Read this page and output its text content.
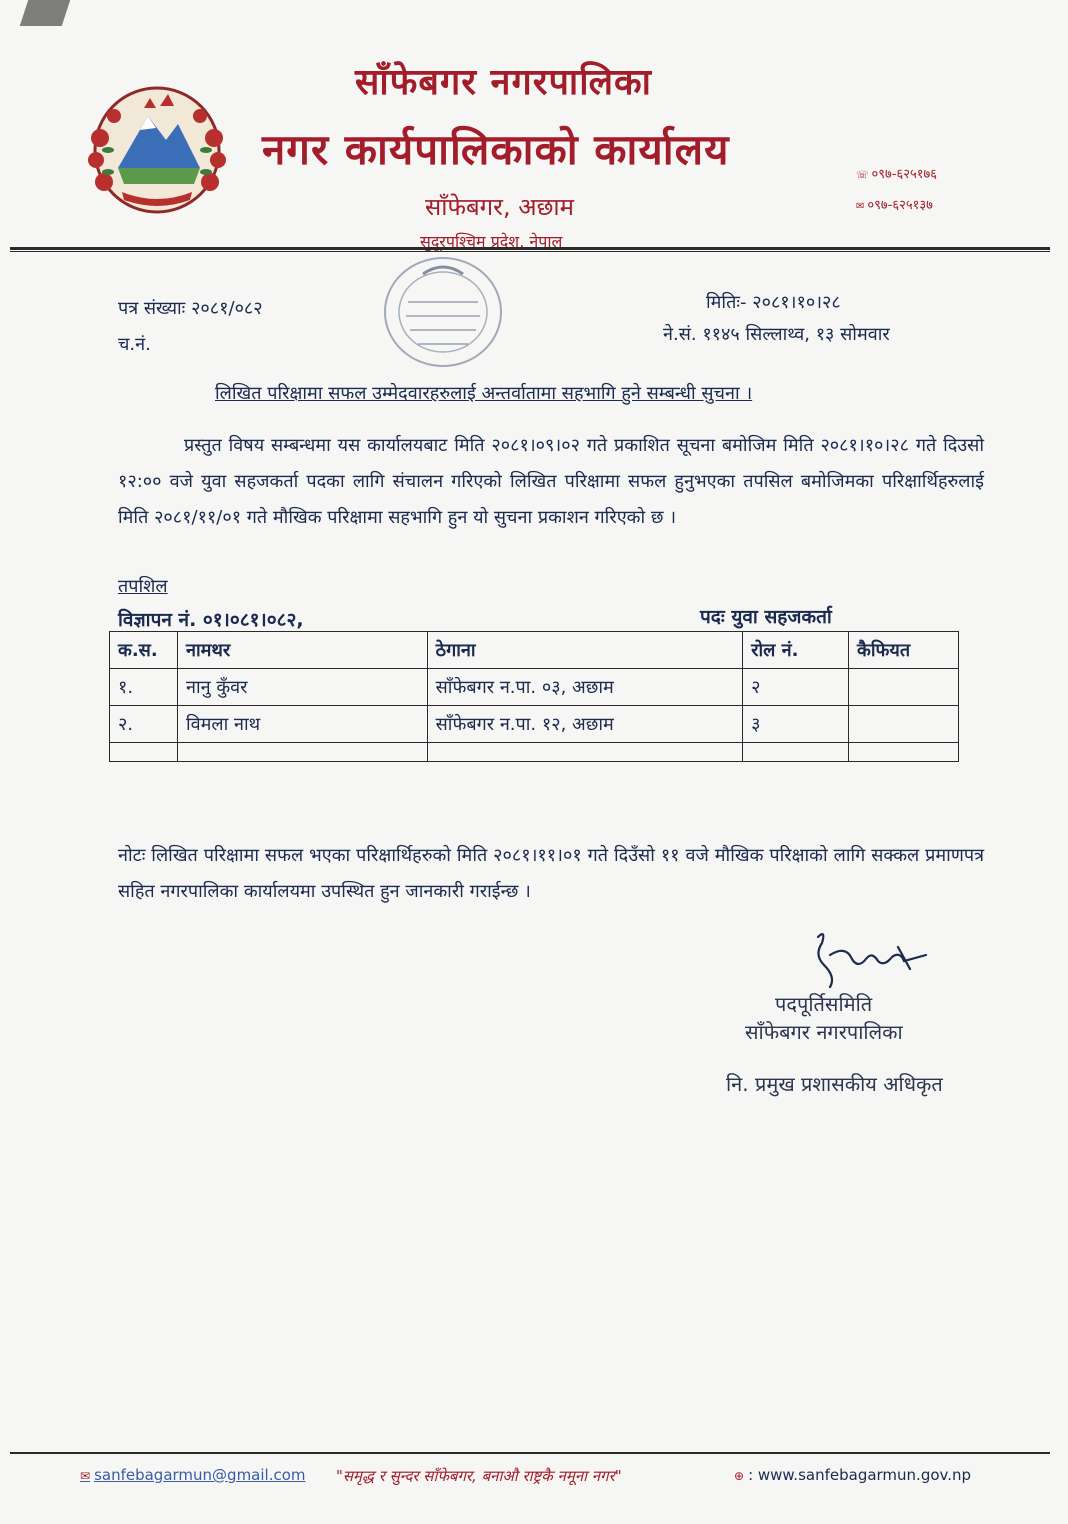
साँफेबगर नगरपालिका
नगर कार्यपालिकाको कार्यालय
साँफेबगर, अछाम
सुदूरपश्चिम प्रदेश, नेपाल
☏ ०९७-६२५१७६
✉ ०९७-६२५१३७
पत्र संख्याः २०८१/०८२
च.नं.
मितिः- २०८१।१०।२८
ने.सं. ११४५ सिल्लाथ्व, १३ सोमवार
लिखित परिक्षामा सफल उम्मेदवारहरुलाई अन्तर्वातामा सहभागि हुने सम्बन्धी सुचना ।

प्रस्तुत विषय सम्बन्धमा यस कार्यालयबाट मिति २०८१।०९।०२ गते प्रकाशित सूचना बमोजिम मिति २०८१।१०।२८ गते दिउसो १२:०० वजे युवा सहजकर्ता पदका लागि संचालन गरिएको लिखित परिक्षामा सफल हुनुभएका तपसिल बमोजिमका परिक्षार्थिहरुलाई मिति २०८१/११/०१ गते मौखिक परिक्षामा सहभागि हुन यो सुचना प्रकाशन गरिएको छ ।

तपशिल
विज्ञापन नं. ०१।०८१।०८२,	पदः युवा सहजकर्ता
क.स.	नामथर	ठेगाना	रोल नं.	कैफियत
१.	नानु कुँवर	साँफेबगर न.पा. ०३, अछाम	२	
२.	विमला नाथ	साँफेबगर न.पा. १२, अछाम	३	

नोटः लिखित परिक्षामा सफल भएका परिक्षार्थिहरुको मिति २०८१।११।०१ गते दिउँसो ११ वजे मौखिक परिक्षाको लागि सक्कल प्रमाणपत्र सहित नगरपालिका कार्यालयमा उपस्थित हुन जानकारी गराईन्छ ।

पदपूर्तिसमिति
साँफेबगर नगरपालिका
नि. प्रमुख प्रशासकीय अधिकृत
✉ sanfebagarmun@gmail.com "समृद्ध र सुन्दर साँफेबगर, बनाऔ राष्ट्रकै नमूना नगर"	⊕ : www.sanfebagarmun.gov.np
